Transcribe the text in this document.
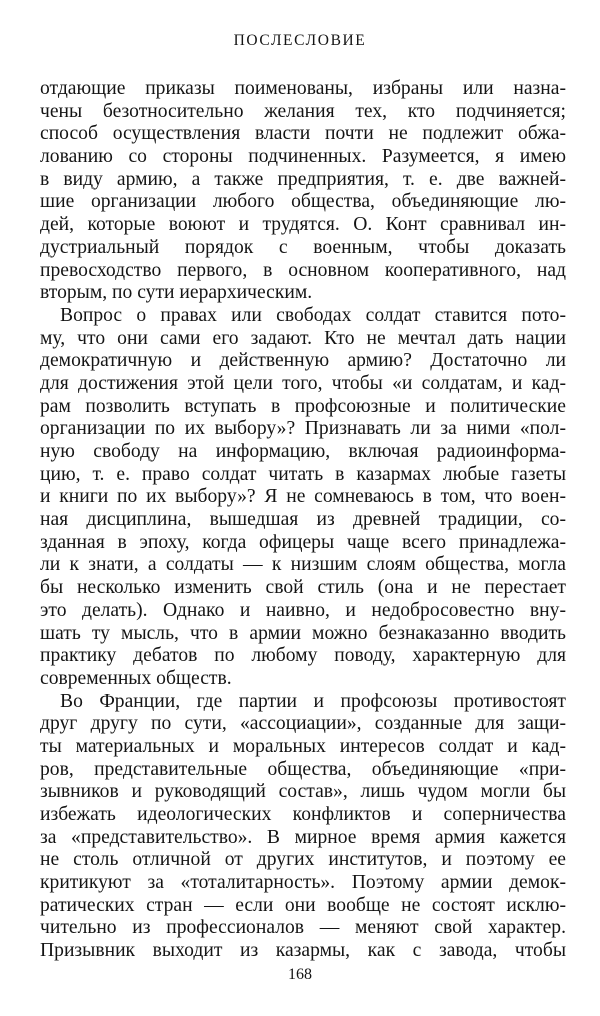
ПОСЛЕСЛОВИЕ
отдающие приказы поименованы, избраны или назна-
чены безотносительно желания тех, кто подчиняется;
способ осуществления власти почти не подлежит обжа-
лованию со стороны подчиненных. Разумеется, я имею
в виду армию, а также предприятия, т. е. две важней-
шие организации любого общества, объединяющие лю-
дей, которые воюют и трудятся. О. Конт сравнивал ин-
дустриальный порядок с военным, чтобы доказать
превосходство первого, в основном кооперативного, над
вторым, по сути иерархическим.
Вопрос о правах или свободах солдат ставится пото-
му, что они сами его задают. Кто не мечтал дать нации
демократичную и действенную армию? Достаточно ли
для достижения этой цели того, чтобы «и солдатам, и кад-
рам позволить вступать в профсоюзные и политические
организации по их выбору»? Признавать ли за ними «пол-
ную свободу на информацию, включая радиоинформа-
цию, т. е. право солдат читать в казармах любые газеты
и книги по их выбору»? Я не сомневаюсь в том, что воен-
ная дисциплина, вышедшая из древней традиции, со-
зданная в эпоху, когда офицеры чаще всего принадлежа-
ли к знати, а солдаты — к низшим слоям общества, могла
бы несколько изменить свой стиль (она и не перестает
это делать). Однако и наивно, и недобросовестно вну-
шать ту мысль, что в армии можно безнаказанно вводить
практику дебатов по любому поводу, характерную для
современных обществ.
Во Франции, где партии и профсоюзы противостоят
друг другу по сути, «ассоциации», созданные для защи-
ты материальных и моральных интересов солдат и кад-
ров, представительные общества, объединяющие «при-
зывников и руководящий состав», лишь чудом могли бы
избежать идеологических конфликтов и соперничества
за «представительство». В мирное время армия кажется
не столь отличной от других институтов, и поэтому ее
критикуют за «тоталитарность». Поэтому армии демок-
ратических стран — если они вообще не состоят исклю-
чительно из профессионалов — меняют свой характер.
Призывник выходит из казармы, как с завода, чтобы
168
